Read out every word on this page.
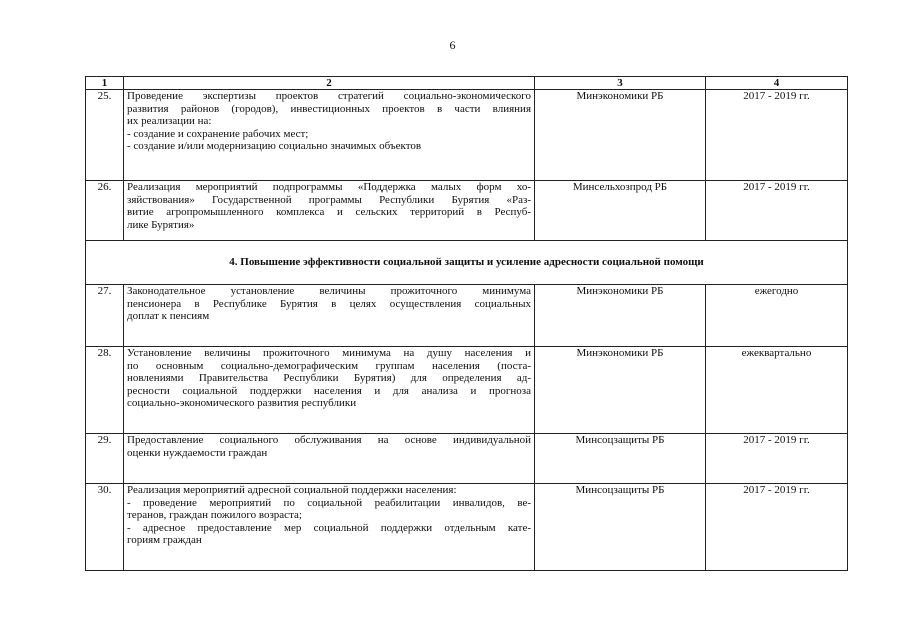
6
1	2	3	4
25.	Проведение экспертизы проектов стратегий социально-экономического
развития районов (городов), инвестиционных проектов в части влияния
их реализации на:
- создание и сохранение рабочих мест;
- создание и/или модернизацию социально значимых объектов	Минэкономики РБ	2017 - 2019 гг.
26.	Реализация мероприятий подпрограммы «Поддержка малых форм хо-
зяйствования» Государственной программы Республики Бурятия «Раз-
витие агропромышленного комплекса и сельских территорий в Респуб-
лике Бурятия»	Минсельхозпрод РБ	2017 - 2019 гг.
4. Повышение эффективности социальной защиты и усиление адресности социальной помощи			
27.	Законодательное установление величины прожиточного минимума
пенсионера в Республике Бурятия в целях осуществления социальных
доплат к пенсиям	Минэкономики РБ	ежегодно
28.	Установление величины прожиточного минимума на душу населения и
по основным социально-демографическим группам населения (поста-
новлениями Правительства Республики Бурятия) для определения ад-
ресности социальной поддержки населения и для анализа и прогноза
социально-экономического развития республики	Минэкономики РБ	ежеквартально
29.	Предоставление социального обслуживания на основе индивидуальной
оценки нуждаемости граждан	Минсоцзащиты РБ	2017 - 2019 гг.
30.	Реализация мероприятий адресной социальной поддержки населения:
- проведение мероприятий по социальной реабилитации инвалидов, ве-
теранов, граждан пожилого возраста;
- адресное предоставление мер социальной поддержки отдельным кате-
гориям граждан	Минсоцзащиты РБ	2017 - 2019 гг.
